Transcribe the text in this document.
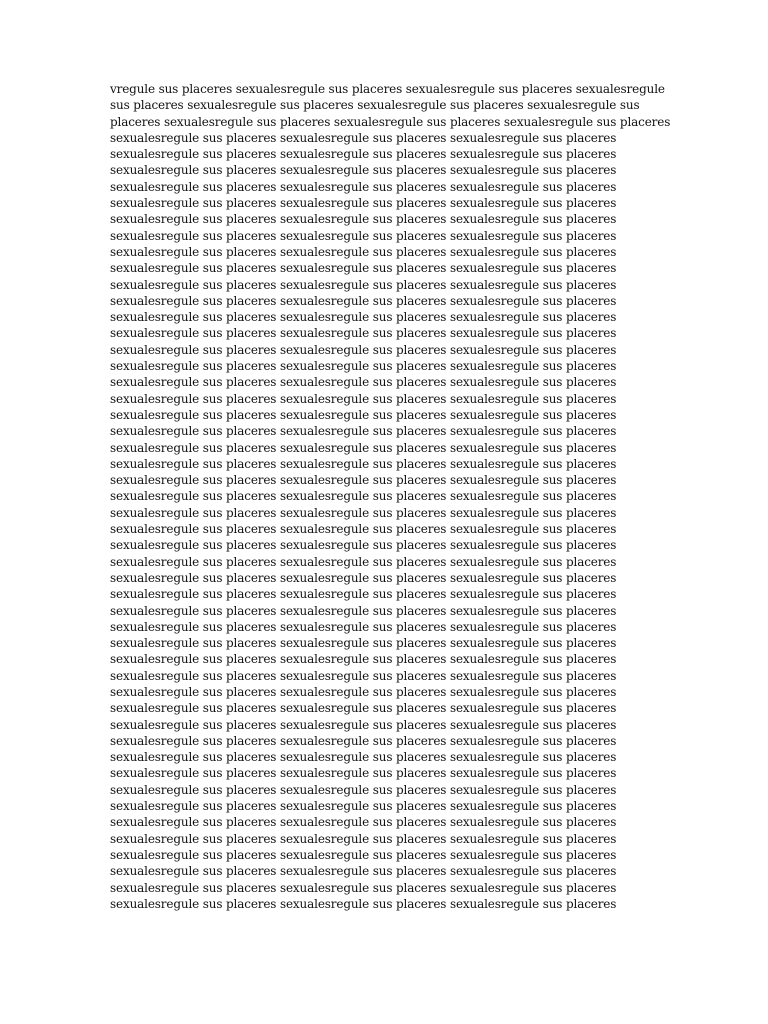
vregule sus placeres sexualesregule sus placeres sexualesregule sus placeres sexualesregule
sus placeres sexualesregule sus placeres sexualesregule sus placeres sexualesregule sus
placeres sexualesregule sus placeres sexualesregule sus placeres sexualesregule sus placeres
sexualesregule sus placeres sexualesregule sus placeres sexualesregule sus placeres
sexualesregule sus placeres sexualesregule sus placeres sexualesregule sus placeres
sexualesregule sus placeres sexualesregule sus placeres sexualesregule sus placeres
sexualesregule sus placeres sexualesregule sus placeres sexualesregule sus placeres
sexualesregule sus placeres sexualesregule sus placeres sexualesregule sus placeres
sexualesregule sus placeres sexualesregule sus placeres sexualesregule sus placeres
sexualesregule sus placeres sexualesregule sus placeres sexualesregule sus placeres
sexualesregule sus placeres sexualesregule sus placeres sexualesregule sus placeres
sexualesregule sus placeres sexualesregule sus placeres sexualesregule sus placeres
sexualesregule sus placeres sexualesregule sus placeres sexualesregule sus placeres
sexualesregule sus placeres sexualesregule sus placeres sexualesregule sus placeres
sexualesregule sus placeres sexualesregule sus placeres sexualesregule sus placeres
sexualesregule sus placeres sexualesregule sus placeres sexualesregule sus placeres
sexualesregule sus placeres sexualesregule sus placeres sexualesregule sus placeres
sexualesregule sus placeres sexualesregule sus placeres sexualesregule sus placeres
sexualesregule sus placeres sexualesregule sus placeres sexualesregule sus placeres
sexualesregule sus placeres sexualesregule sus placeres sexualesregule sus placeres
sexualesregule sus placeres sexualesregule sus placeres sexualesregule sus placeres
sexualesregule sus placeres sexualesregule sus placeres sexualesregule sus placeres
sexualesregule sus placeres sexualesregule sus placeres sexualesregule sus placeres
sexualesregule sus placeres sexualesregule sus placeres sexualesregule sus placeres
sexualesregule sus placeres sexualesregule sus placeres sexualesregule sus placeres
sexualesregule sus placeres sexualesregule sus placeres sexualesregule sus placeres
sexualesregule sus placeres sexualesregule sus placeres sexualesregule sus placeres
sexualesregule sus placeres sexualesregule sus placeres sexualesregule sus placeres
sexualesregule sus placeres sexualesregule sus placeres sexualesregule sus placeres
sexualesregule sus placeres sexualesregule sus placeres sexualesregule sus placeres
sexualesregule sus placeres sexualesregule sus placeres sexualesregule sus placeres
sexualesregule sus placeres sexualesregule sus placeres sexualesregule sus placeres
sexualesregule sus placeres sexualesregule sus placeres sexualesregule sus placeres
sexualesregule sus placeres sexualesregule sus placeres sexualesregule sus placeres
sexualesregule sus placeres sexualesregule sus placeres sexualesregule sus placeres
sexualesregule sus placeres sexualesregule sus placeres sexualesregule sus placeres
sexualesregule sus placeres sexualesregule sus placeres sexualesregule sus placeres
sexualesregule sus placeres sexualesregule sus placeres sexualesregule sus placeres
sexualesregule sus placeres sexualesregule sus placeres sexualesregule sus placeres
sexualesregule sus placeres sexualesregule sus placeres sexualesregule sus placeres
sexualesregule sus placeres sexualesregule sus placeres sexualesregule sus placeres
sexualesregule sus placeres sexualesregule sus placeres sexualesregule sus placeres
sexualesregule sus placeres sexualesregule sus placeres sexualesregule sus placeres
sexualesregule sus placeres sexualesregule sus placeres sexualesregule sus placeres
sexualesregule sus placeres sexualesregule sus placeres sexualesregule sus placeres
sexualesregule sus placeres sexualesregule sus placeres sexualesregule sus placeres
sexualesregule sus placeres sexualesregule sus placeres sexualesregule sus placeres
sexualesregule sus placeres sexualesregule sus placeres sexualesregule sus placeres
sexualesregule sus placeres sexualesregule sus placeres sexualesregule sus placeres
sexualesregule sus placeres sexualesregule sus placeres sexualesregule sus placeres
sexualesregule sus placeres sexualesregule sus placeres sexualesregule sus placeres
